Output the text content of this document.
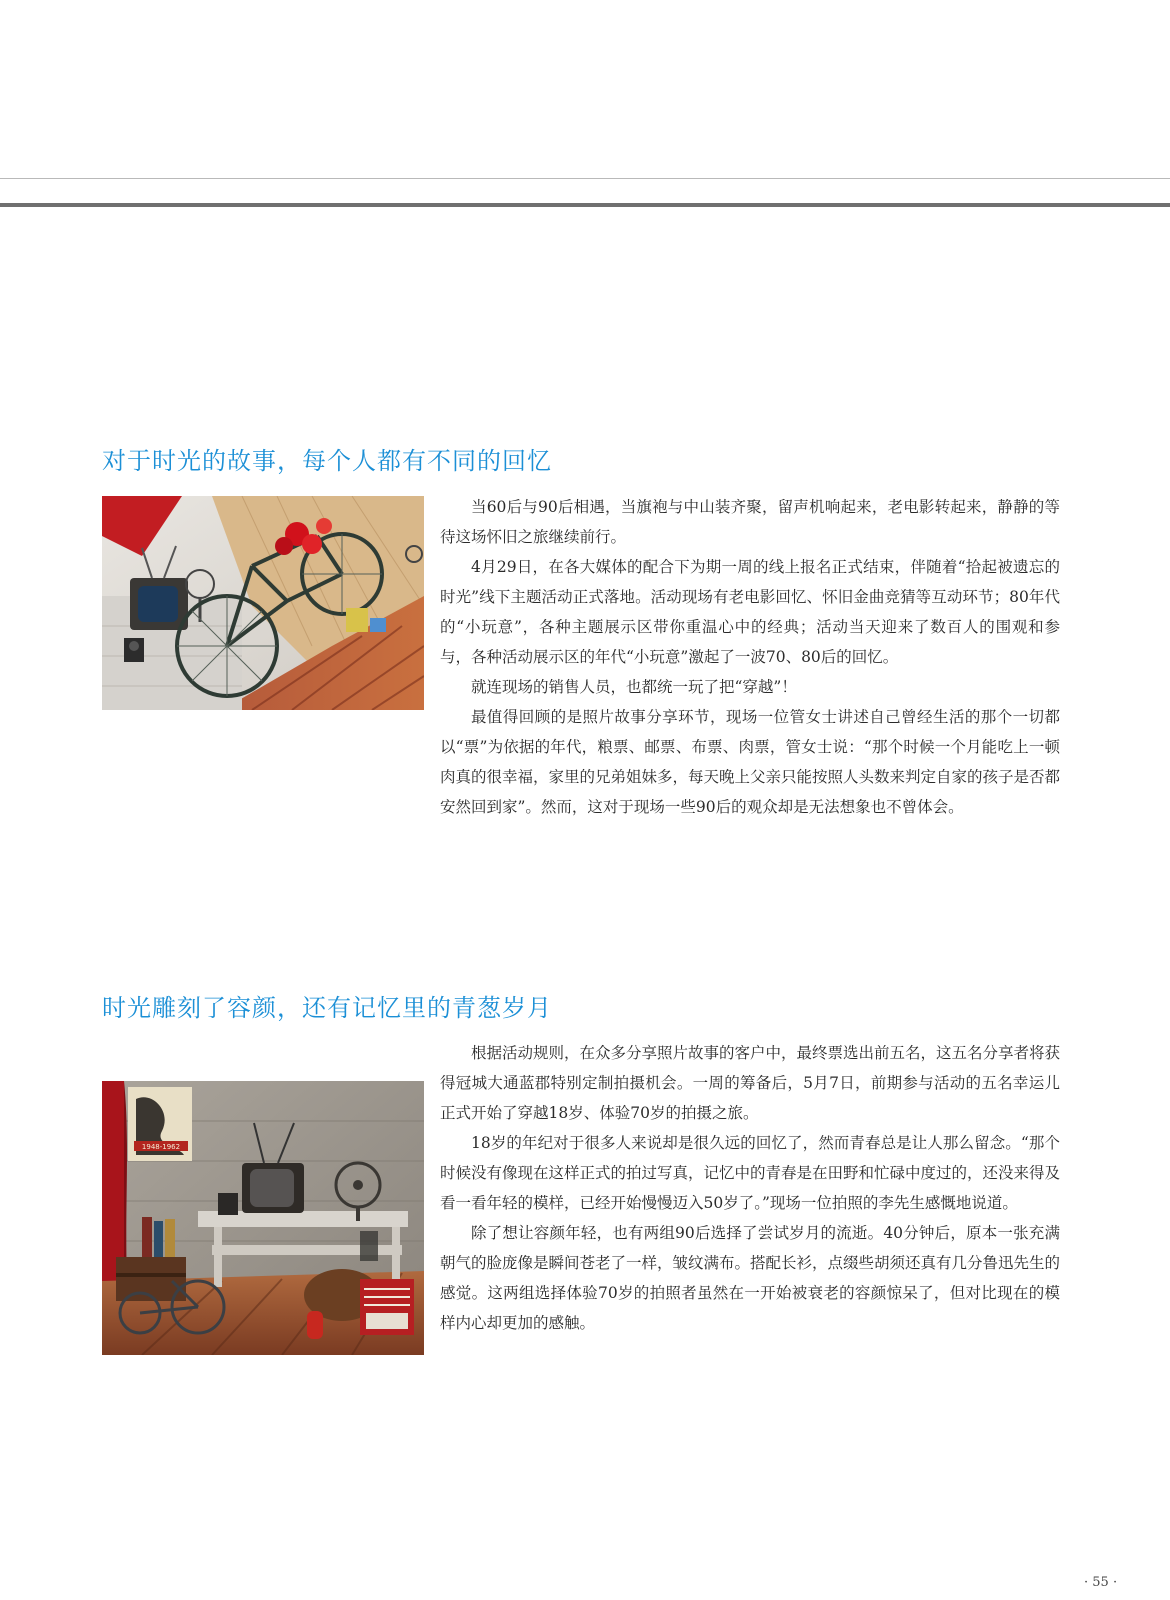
对于时光的故事，每个人都有不同的回忆

当60后与90后相遇，当旗袍与中山装齐聚，留声机响起来，老电影转起来，静静的等待这场怀旧之旅继续前行。

4月29日，在各大媒体的配合下为期一周的线上报名正式结束，伴随着“拾起被遗忘的时光”线下主题活动正式落地。活动现场有老电影回忆、怀旧金曲竞猜等互动环节；80年代的“小玩意”，各种主题展示区带你重温心中的经典；活动当天迎来了数百人的围观和参与，各种活动展示区的年代“小玩意”激起了一波70、80后的回忆。

就连现场的销售人员，也都统一玩了把“穿越”！

最值得回顾的是照片故事分享环节，现场一位管女士讲述自己曾经生活的那个一切都以“票”为依据的年代，粮票、邮票、布票、肉票，管女士说：“那个时候一个月能吃上一顿肉真的很幸福，家里的兄弟姐妹多，每天晚上父亲只能按照人头数来判定自家的孩子是否都安然回到家”。然而，这对于现场一些90后的观众却是无法想象也不曾体会。

时光雕刻了容颜，还有记忆里的青葱岁月
1948-1962

根据活动规则，在众多分享照片故事的客户中，最终票选出前五名，这五名分享者将获得冠城大通蓝郡特别定制拍摄机会。一周的筹备后，5月7日，前期参与活动的五名幸运儿正式开始了穿越18岁、体验70岁的拍摄之旅。

18岁的年纪对于很多人来说却是很久远的回忆了，然而青春总是让人那么留念。“那个时候没有像现在这样正式的拍过写真，记忆中的青春是在田野和忙碌中度过的，还没来得及看一看年轻的模样，已经开始慢慢迈入50岁了。”现场一位拍照的李先生感慨地说道。

除了想让容颜年轻，也有两组90后选择了尝试岁月的流逝。40分钟后，原本一张充满朝气的脸庞像是瞬间苍老了一样，皱纹满布。搭配长衫，点缀些胡须还真有几分鲁迅先生的感觉。这两组选择体验70岁的拍照者虽然在一开始被衰老的容颜惊呆了，但对比现在的模样内心却更加的感触。

· 55 ·
